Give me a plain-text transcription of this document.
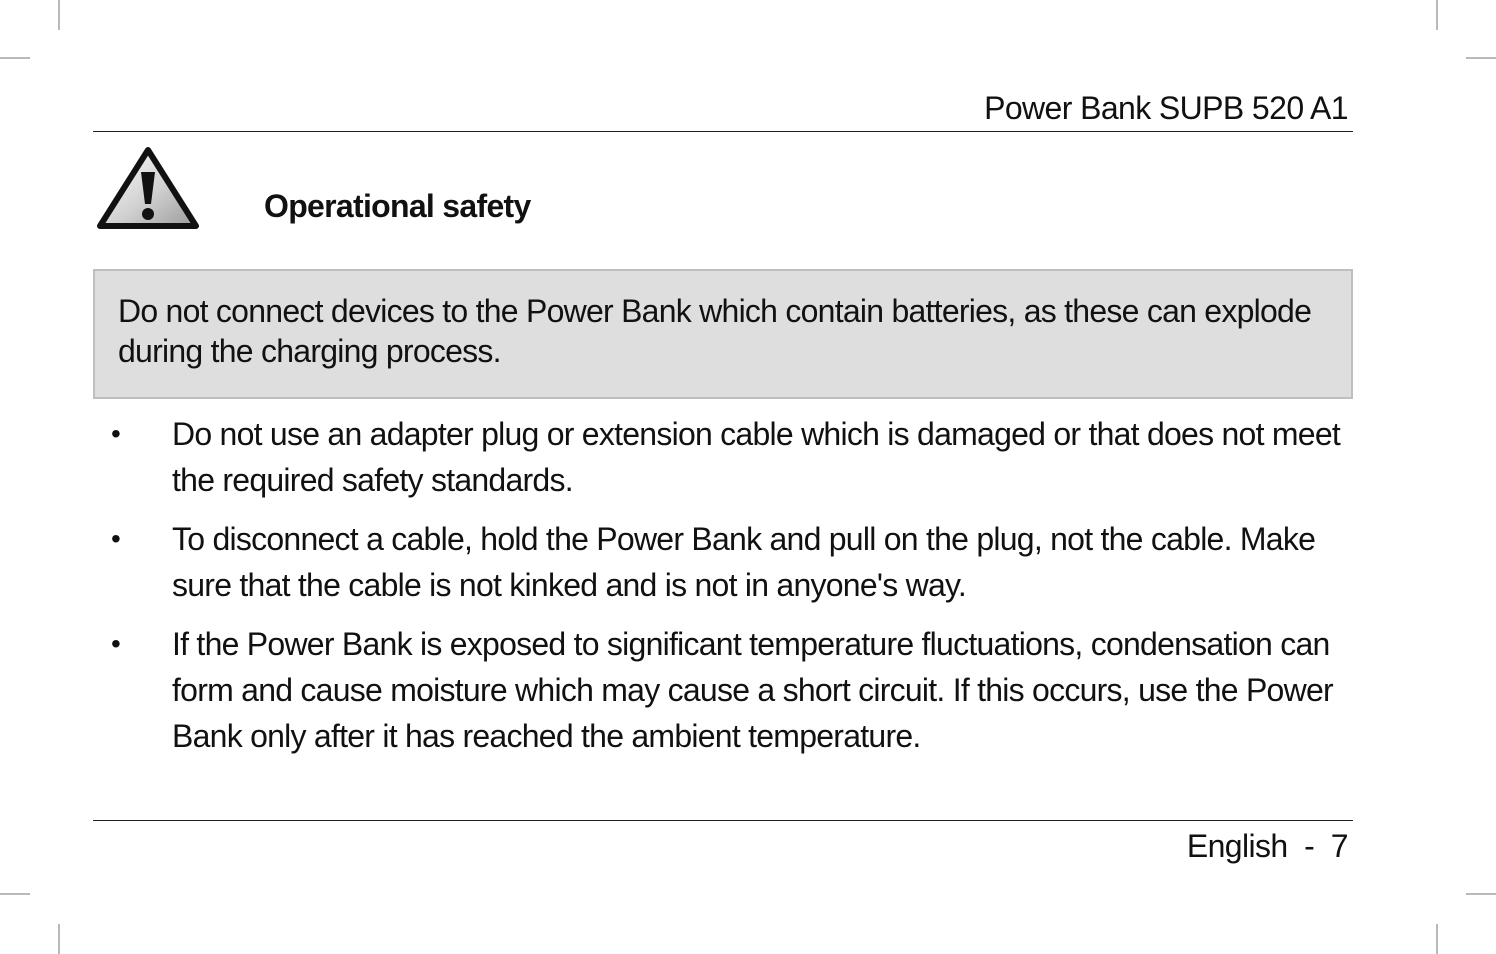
Power Bank SUPB 520 A1
Operational safety
Do not connect devices to the Power Bank which contain batteries, as these can explode during the charging process.
• Do not use an adapter plug or extension cable which is damaged or that does not meet the required safety standards.
• To disconnect a cable, hold the Power Bank and pull on the plug, not the cable. Make sure that the cable is not kinked and is not in anyone's way.
• If the Power Bank is exposed to significant temperature fluctuations, condensation can form and cause moisture which may cause a short circuit. If this occurs, use the Power Bank only after it has reached the ambient temperature.
English  -  7
